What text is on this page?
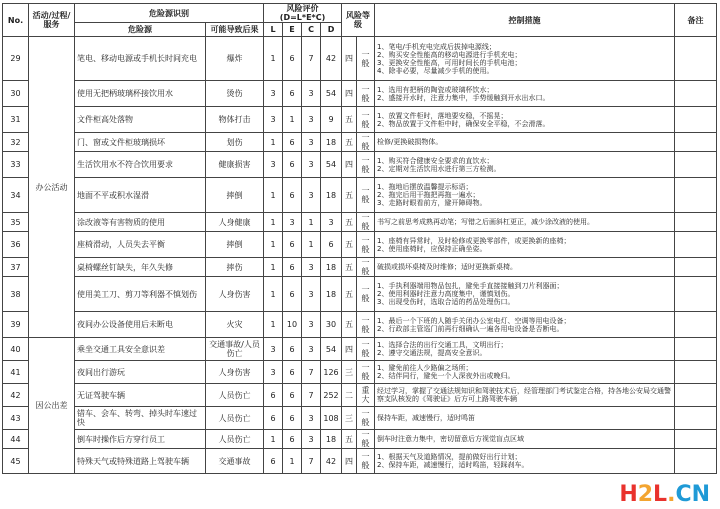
No.	活动/过程/服务	危险源识别		风险评价(D=L*E*C)				风险等级		控制措施	备注
		危险源	可能导致后果	L	E	C	D				
29	办公活动	笔电、移动电源或手机长时间充电	爆炸	1	6	7	42	四	一般	1、笔电/手机充电完成后拔掉电源线；
2、购买安全性能高的移动电源进行手机充电；
3、更换安全性能高，可用时间长的手机电池；
4、除非必要，尽量减少手机的使用。	
30		使用无把柄玻璃杯接饮用水	烫伤	3	6	3	54	四	一般	1、选用有把柄的陶瓷或玻璃杯饮水；
2、盛接开水时，注意力集中，手势缓触到开水出水口。	
31		文件柜高处落物	物体打击	3	1	3	9	五	一般	1、放置文件柜时，落地要安稳，不摇晃；
2、物品放置于文件柜中时，确保安全平稳，不会滑落。	
32		门、窗或文件柜玻璃损坏	划伤	1	6	3	18	五	一般	检修/更换破损物体。	
33		生活饮用水不符合饮用要求	健康损害	3	6	3	54	四	一般	1、购买符合健康安全要求的直饮水；
2、定期对生活饮用水进行第三方检测。	
34		地面不平或积水湿滑	摔倒	1	6	3	18	五	一般	1、拖地后摆放温馨提示标语；
2、拖完后用干拖把再拖一遍水；
3、走路时眼看前方，避开障碍物。	
35		涂改液等有害物质的使用	人身健康	1	3	1	3	五	一般	书写之前思考成熟再动笔；写错之后画斜杠更正，减少涂改液的使用。	
36		座椅滑动，人员失去平衡	摔倒	1	6	1	6	五	一般	1、座椅有异常时，及时检修或更换零部件，或更换新的座椅；
2、使用座椅时，应保持正确坐姿。	
37		桌椅螺丝钉缺失，年久失修	摔伤	1	6	3	18	五	一般	破损或损坏桌椅及时维修；适时更换新桌椅。	
38		使用美工刀、剪刀等利器不慎划伤	人身伤害	1	6	3	18	五	一般	1、手执利器端用物品包扎，避免手直接接触到刀片利器面；
2、使用利器时注意力高度集中，谨慎划伤。
3、出现受伤时，选取合适的药品处理伤口。	
39		夜间办公设备使用后未断电	火灾	1	10	3	30	五	一般	1、最后一个下班的人随手关闭办公室电灯、空调等用电设备；
2、行政部主管巡门前再行细确认一遍各用电设备是否断电。	
40	因公出差	乘坐交通工具安全意识差	交通事故/人员伤亡	3	6	3	54	四	一般	1、选择合法的出行交通工具，文明出行；
2、遵守交通法规，提高安全意识。	
41		夜间出行游玩	人身伤害	3	6	7	126	三	一般	1、避免前往人少路偏之场所；
2、结伴同行，避免一个人深夜外出或晚归。	
42		无证驾驶车辆	人员伤亡	6	6	7	252	二	重大	经过学习，掌握了交通法规知识和驾驶技术后，经管理部门考试鉴定合格，持各地公安局交通警察支队核发的《驾驶证》后方可上路驾驶车辆	
43		错车、会车、转弯、掉头时车速过快	人员伤亡	6	6	3	108	三	一般	保持车距，减速慢行，适时鸣笛	
44		倒车时操作后方穿行员工	人员伤亡	1	6	3	18	五	一般	倒车时注意力集中，密切留意后方视觉盲点区域	
45		特殊天气或特殊道路上驾驶车辆	交通事故	6	1	7	42	四	一般	1、根据天气及道路情况，提前做好出行计划；
2、保持车距，减速慢行，适时鸣笛，轻踩刹车。	
H2L.CN
